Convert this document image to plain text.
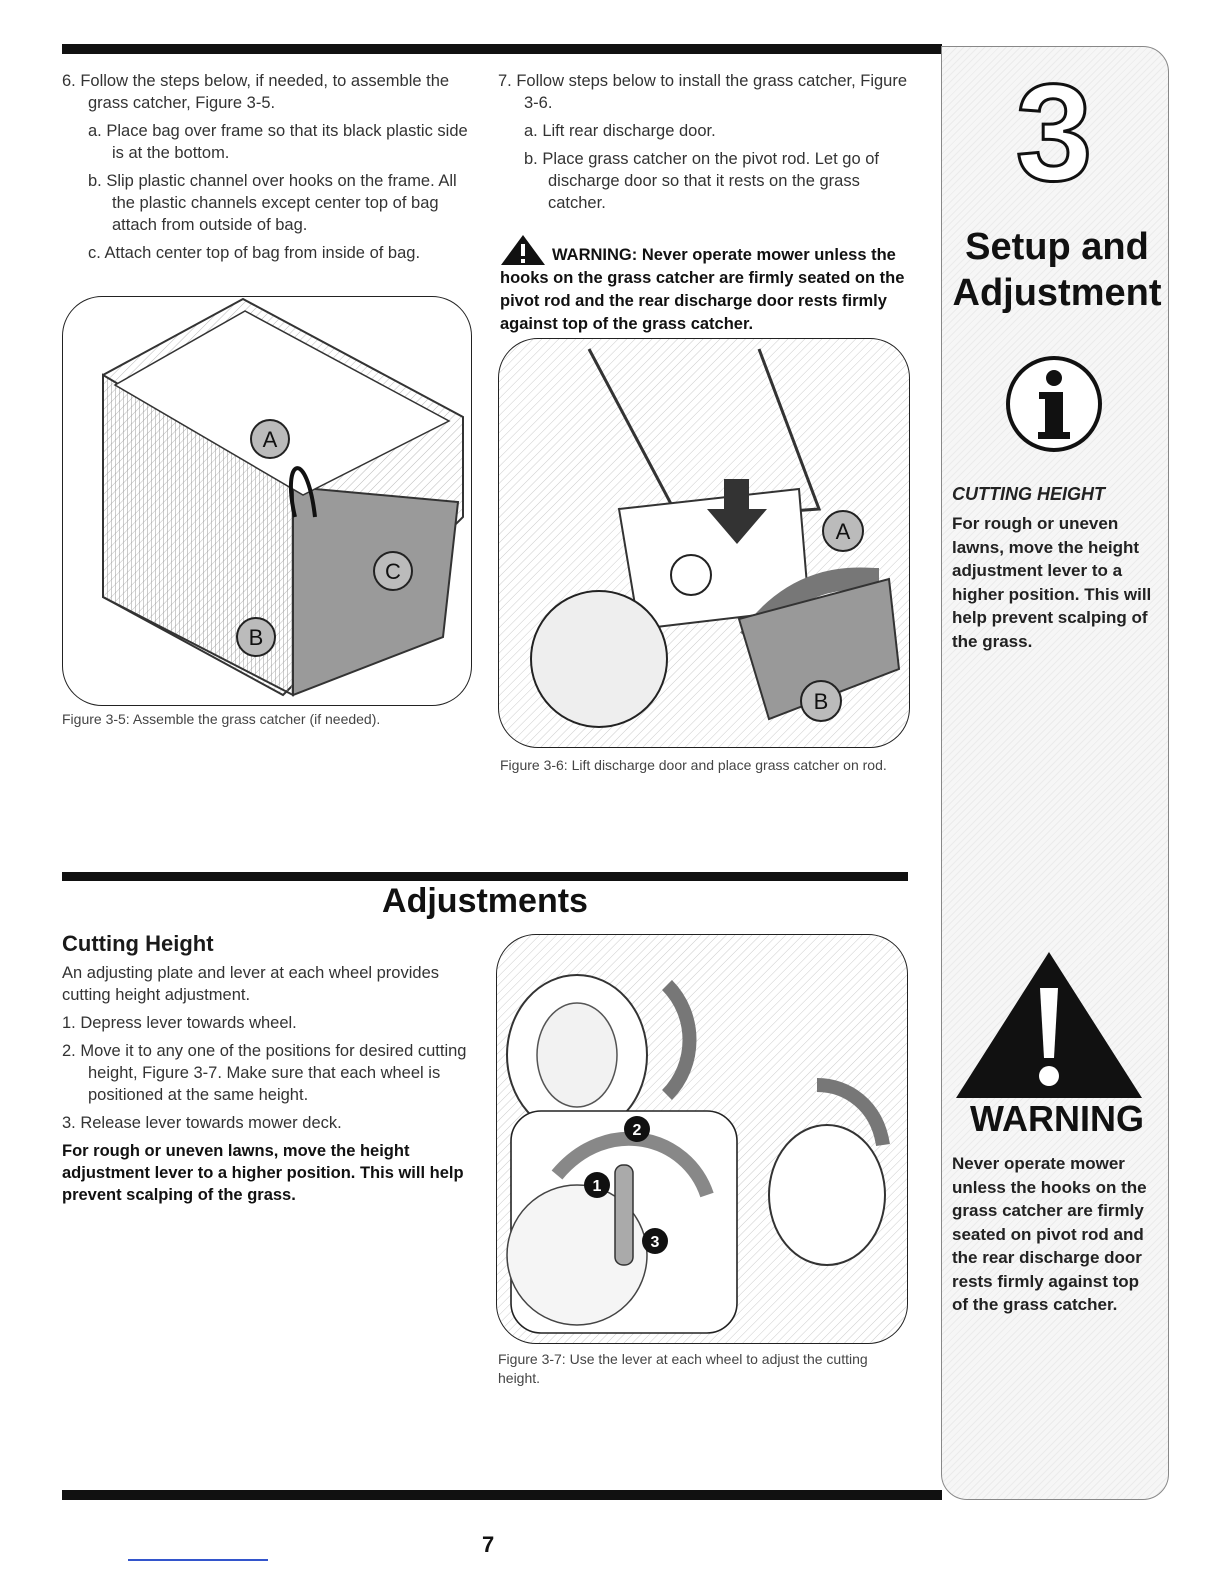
6. Follow the steps below, if needed, to assemble the grass catcher, Figure 3-5.

a. Place bag over frame so that its black plastic side is at the bottom.

b. Slip plastic channel over hooks on the frame. All the plastic channels except center top of bag attach from outside of bag.

c. Attach center top of bag from inside of bag.

A
B
C
Figure 3-5: Assemble the grass catcher (if needed).

7. Follow steps below to install the grass catcher, Figure 3-6.

a. Lift rear discharge door.

b. Place grass catcher on the pivot rod. Let go of discharge door so that it rests on the grass catcher.

WARNING: Never operate mower unless the hooks on the grass catcher are firmly seated on the pivot rod and the rear discharge door rests firmly against top of the grass catcher.
A
B
Figure 3-6: Lift discharge door and place grass catcher on rod.
Adjustments
Cutting Height

An adjusting plate and lever at each wheel provides cutting height adjustment.

1. Depress lever towards wheel.

2. Move it to any one of the positions for desired cutting height, Figure 3-7. Make sure that each wheel is positioned at the same height.

3. Release lever towards mower deck.

For rough or uneven lawns, move the height adjustment lever to a higher position. This will help prevent scalping of the grass.	1
2
3
Figure 3-7: Use the lever at each wheel to adjust the cutting height.
3
Setup and Adjustment
CUTTING HEIGHT
For rough or uneven lawns, move the height adjustment lever to a higher position. This will help prevent scalping of the grass.
WARNING
Never operate mower unless the hooks on the grass catcher are firmly seated on pivot rod and the rear discharge door rests firmly against top of the grass catcher.
7
